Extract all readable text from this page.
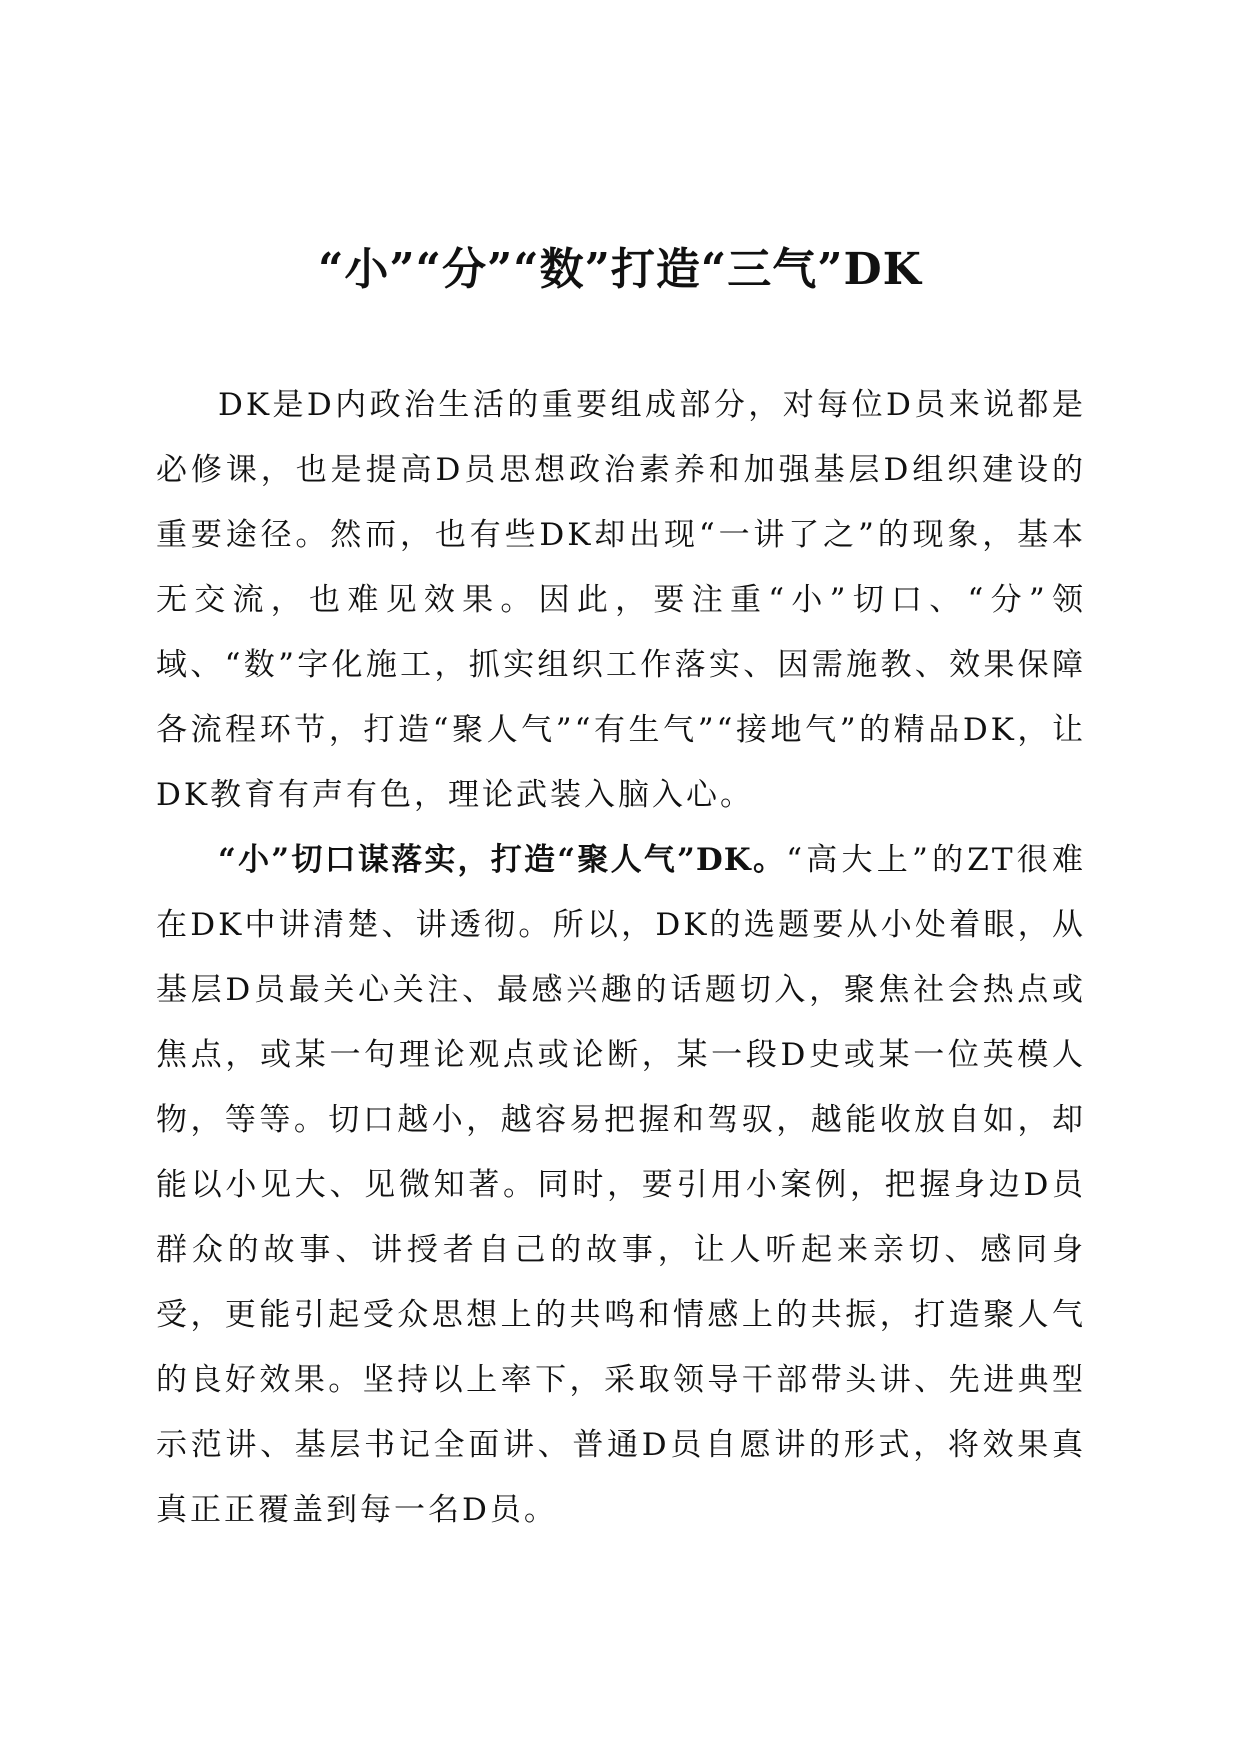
“小”“分”“数”打造“三气”DK

DK是D内政治生活的重要组成部分，对每位D员来说都是必修课，也是提高D员思想政治素养和加强基层D组织建设的重要途径。然而，也有些DK却出现“一讲了之”的现象，基本无交流，也难见效果。因此，要注重“小”切口、“分”领域、“数”字化施工，抓实组织工作落实、因需施教、效果保障各流程环节，打造“聚人气”“有生气”“接地气”的精品DK，让DK教育有声有色，理论武装入脑入心。

“小”切口谋落实，打造“聚人气”DK。“高大上”的ZT很难在DK中讲清楚、讲透彻。所以，DK的选题要从小处着眼，从基层D员最关心关注、最感兴趣的话题切入，聚焦社会热点或焦点，或某一句理论观点或论断，某一段D史或某一位英模人物，等等。切口越小，越容易把握和驾驭，越能收放自如，却能以小见大、见微知著。同时，要引用小案例，把握身边D员群众的故事、讲授者自己的故事，让人听起来亲切、感同身受，更能引起受众思想上的共鸣和情感上的共振，打造聚人气的良好效果。坚持以上率下，采取领导干部带头讲、先进典型示范讲、基层书记全面讲、普通D员自愿讲的形式，将效果真真正正覆盖到每一名D员。
